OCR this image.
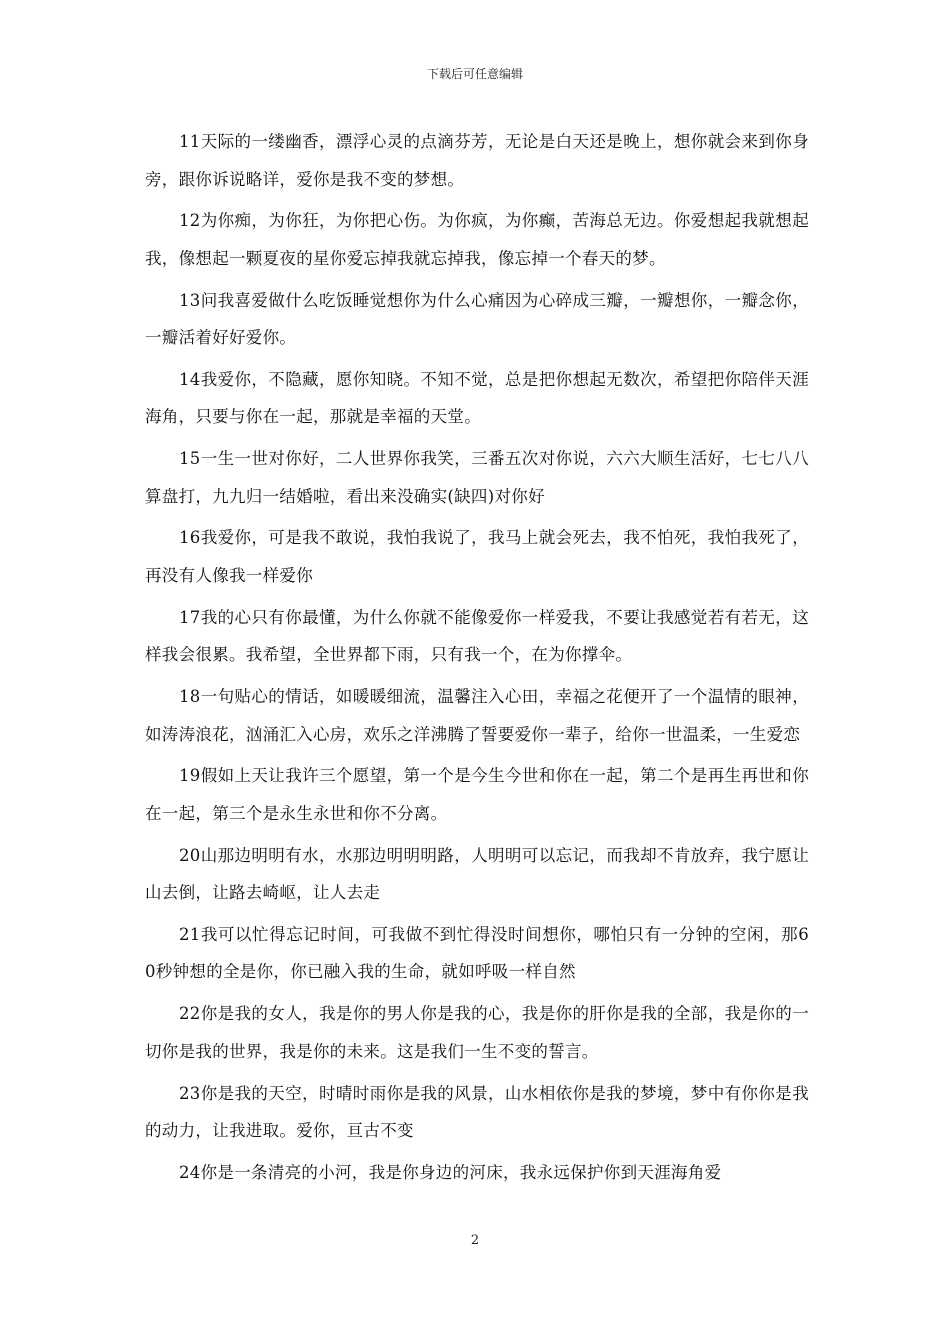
下载后可任意编辑

11天际的一缕幽香，漂浮心灵的点滴芬芳，无论是白天还是晚上，想你就会来到你身旁，跟你诉说略详，爱你是我不变的梦想。

12为你痴，为你狂，为你把心伤。为你疯，为你癫，苦海总无边。你爱想起我就想起我，像想起一颗夏夜的星你爱忘掉我就忘掉我，像忘掉一个春天的梦。

13问我喜爱做什么吃饭睡觉想你为什么心痛因为心碎成三瓣，一瓣想你，一瓣念你，一瓣活着好好爱你。

14我爱你，不隐藏，愿你知晓。不知不觉，总是把你想起无数次，希望把你陪伴天涯海角，只要与你在一起，那就是幸福的天堂。

15一生一世对你好，二人世界你我笑，三番五次对你说，六六大顺生活好，七七八八算盘打，九九归一结婚啦，看出来没确实(缺四)对你好

16我爱你，可是我不敢说，我怕我说了，我马上就会死去，我不怕死，我怕我死了，再没有人像我一样爱你

17我的心只有你最懂，为什么你就不能像爱你一样爱我，不要让我感觉若有若无，这样我会很累。我希望，全世界都下雨，只有我一个，在为你撑伞。

18一句贴心的情话，如暖暖细流，温馨注入心田，幸福之花便开了一个温情的眼神，如涛涛浪花，汹涌汇入心房，欢乐之洋沸腾了誓要爱你一辈子，给你一世温柔，一生爱恋

19假如上天让我许三个愿望，第一个是今生今世和你在一起，第二个是再生再世和你在一起，第三个是永生永世和你不分离。

20山那边明明有水，水那边明明明路，人明明可以忘记，而我却不肯放弃，我宁愿让山去倒，让路去崎岖，让人去走

21我可以忙得忘记时间，可我做不到忙得没时间想你，哪怕只有一分钟的空闲，那60秒钟想的全是你，你已融入我的生命，就如呼吸一样自然

22你是我的女人，我是你的男人你是我的心，我是你的肝你是我的全部，我是你的一切你是我的世界，我是你的未来。这是我们一生不变的誓言。

23你是我的天空，时晴时雨你是我的风景，山水相依你是我的梦境，梦中有你你是我的动力，让我进取。爱你，亘古不变

24你是一条清亮的小河，我是你身边的河床，我永远保护你到天涯海角爱

2
